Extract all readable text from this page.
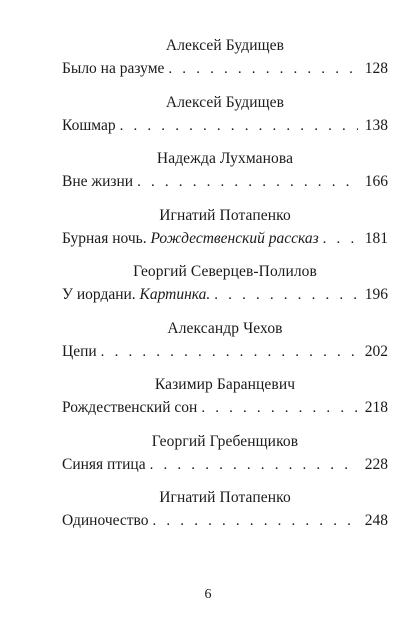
Алексей Будищев
Было на разуме . . .	128
Алексей Будищев
Кошмар . . .	138
Надежда Лухманова
Вне жизни . . .	166
Игнатий Потапенко
Бурная ночь. Рождественский рассказ . . .	181
Георгий Северцев-Полилов
У иордани. Картинка. . . .	196
Александр Чехов
Цепи . . .	202
Казимир Баранцевич
Рождественский сон . . .	218
Георгий Гребенщиков
Синяя птица . . .	228
Игнатий Потапенко
Одиночество . . .	248
6
